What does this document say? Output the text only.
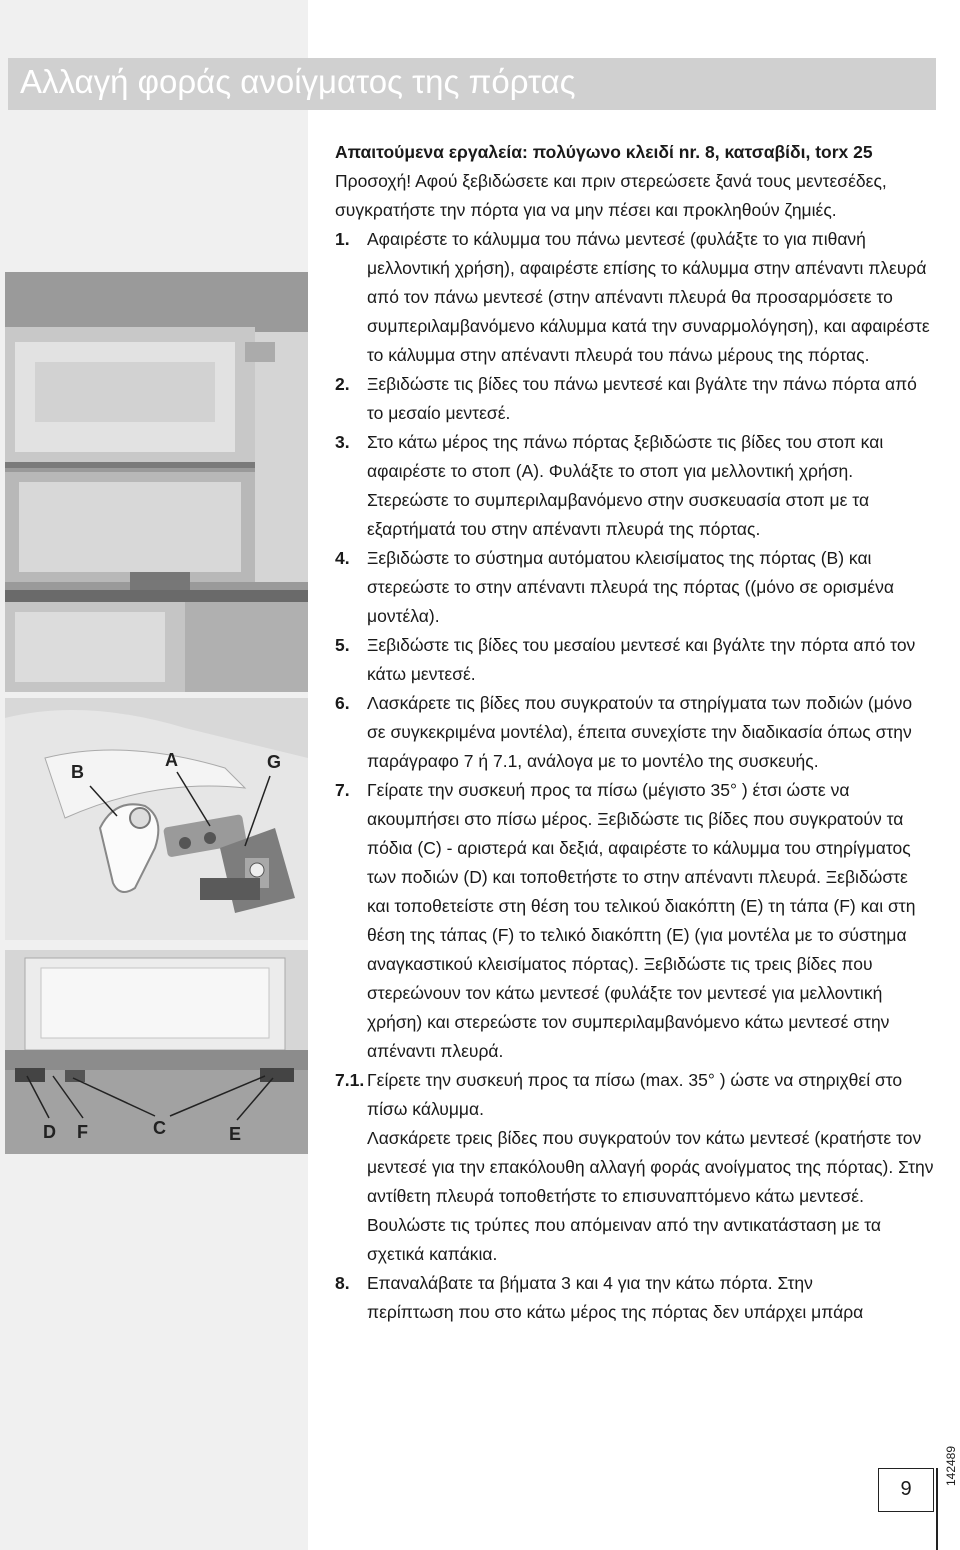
Αλλαγή φοράς ανοίγματος της πόρτας
B
A	G
D F	C	E

Απαιτούμενα εργαλεία: πολύγωνο κλειδί nr. 8, κατσαβίδι, torx 25

Προσοχή! Αφού ξεβιδώσετε και πριν στερεώσετε ξανά τους μεντεσέδες, συγκρατήστε την πόρτα για να μην πέσει και προκληθούν ζημιές.

1. Αφαιρέστε το κάλυμμα του πάνω μεντεσέ (φυλάξτε το για πιθανή μελλοντική χρήση), αφαιρέστε επίσης το κάλυμμα στην απέναντι πλευρά από τον πάνω μεντεσέ (στην απέναντι πλευρά θα προσαρμόσετε το συμπεριλαμβανόμενο κάλυμμα κατά την συναρμολόγηση), και αφαιρέστε το κάλυμμα στην απέναντι πλευρά του πάνω μέρους της πόρτας.

2. Ξεβιδώστε τις βίδες του πάνω μεντεσέ και βγάλτε την πάνω πόρτα από το μεσαίο μεντεσέ.

3. Στο κάτω μέρος της πάνω πόρτας ξεβιδώστε τις βίδες του στοπ και αφαιρέστε το στοπ (A). Φυλάξτε το στοπ για μελλοντική χρήση. Στερεώστε το συμπεριλαμβανόμενο στην συσκευασία στοπ με τα εξαρτήματά του στην απέναντι πλευρά της πόρτας.

4. Ξεβιδώστε το σύστημα αυτόματου κλεισίματος της πόρτας (B) και στερεώστε το στην απέναντι πλευρά της πόρτας ((μόνο σε ορισμένα μοντέλα).

5. Ξεβιδώστε τις βίδες του μεσαίου μεντεσέ και βγάλτε την πόρτα από τον κάτω μεντεσέ.

6. Λασκάρετε τις βίδες που συγκρατούν τα στηρίγματα των ποδιών (μόνο σε συγκεκριμένα μοντέλα), έπειτα συνεχίστε την διαδικασία όπως στην παράγραφο 7 ή 7.1, ανάλογα με το μοντέλο της συσκευής.

7. Γείρατε την συσκευή προς τα πίσω (μέγιστο 35° ) έτσι ώστε να ακουμπήσει στο πίσω μέρος. Ξεβιδώστε τις βίδες που συγκρατούν τα πόδια (C) - αριστερά και δεξιά, αφαιρέστε το κάλυμμα του στηρίγματος των ποδιών (D) και τοποθετήστε το στην απέναντι πλευρά. Ξεβιδώστε και τοποθετείστε στη θέση του τελικού διακόπτη (E) τη τάπα (F) και στη θέση της τάπας (F) το τελικό διακόπτη (E) (για μοντέλα με το σύστημα αναγκαστικού κλεισίματος πόρτας). Ξεβιδώστε τις τρεις βίδες που στερεώνουν τον κάτω μεντεσέ (φυλάξτε τον μεντεσέ για μελλοντική χρήση) και στερεώστε τον συμπεριλαμβανόμενο κάτω μεντεσέ στην απέναντι πλευρά.

7.1. Γείρετε την συσκευή προς τα πίσω (max. 35° ) ώστε να στηριχθεί στο πίσω κάλυμμα.
Λασκάρετε τρεις βίδες που συγκρατούν τον κάτω μεντεσέ (κρατήστε τον μεντεσέ για την επακόλουθη αλλαγή φοράς ανοίγματος της πόρτας). Στην αντίθετη πλευρά τοποθετήστε το επισυναπτόμενο κάτω μεντεσέ. Βουλώστε τις τρύπες που απόμειναν από την αντικατάσταση με τα σχετικά καπάκια.

8. Επαναλάβατε τα βήματα 3 και 4 για την κάτω πόρτα. Στην
περίπτωση που στο κάτω μέρος της πόρτας δεν υπάρχει μπάρα

142489
9
